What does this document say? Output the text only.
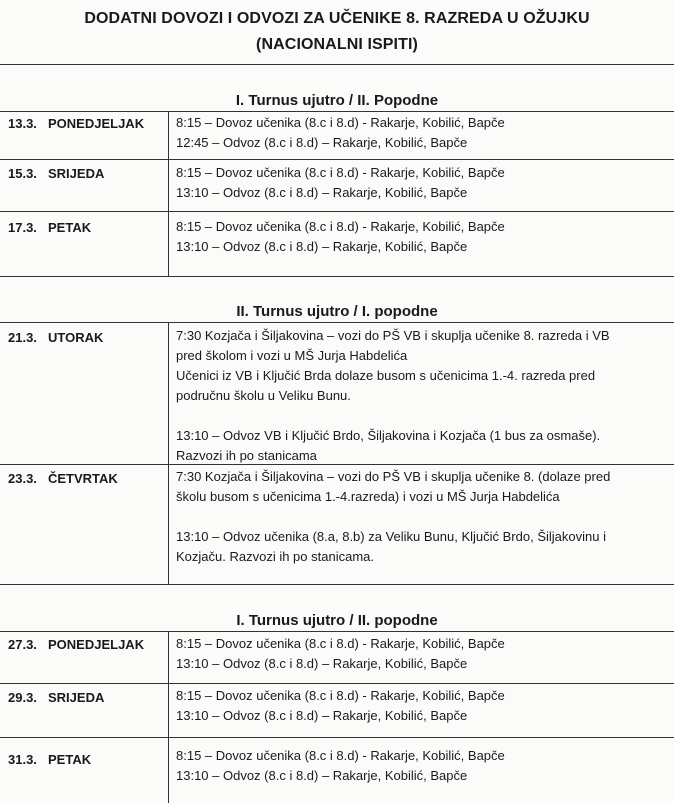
DODATNI DOVOZI I ODVOZI ZA UČENIKE 8. RAZREDA U OŽUJKU
(NACIONALNI ISPITI)
I. Turnus ujutro / II. Popodne
13.3. PONEDJELJAK 8:15 – Dovoz učenika (8.c i 8.d) - Rakarje, Kobilić, Bapče
12:45 – Odvoz (8.c i 8.d) – Rakarje, Kobilić, Bapče
15.3. SRIJEDA	8:15 – Dovoz učenika (8.c i 8.d) - Rakarje, Kobilić, Bapče
13:10 – Odvoz (8.c i 8.d) – Rakarje, Kobilić, Bapče
17.3. PETAK	8:15 – Dovoz učenika (8.c i 8.d) - Rakarje, Kobilić, Bapče
13:10 – Odvoz (8.c i 8.d) – Rakarje, Kobilić, Bapče
II. Turnus ujutro / I. popodne
21.3. UTORAK	7:30 Kozjača i Šiljakovina – vozi do PŠ VB i skuplja učenike 8. razreda i VB
pred školom i vozi u MŠ Jurja Habdelića
Učenici iz VB i Ključić Brda dolaze busom s učenicima 1.-4. razreda pred
područnu školu u Veliku Bunu.
13:10 – Odvoz VB i Ključić Brdo, Šiljakovina i Kozjača (1 bus za osmaše).
Razvozi ih po stanicama
23.3. ČETVRTAK	7:30 Kozjača i Šiljakovina – vozi do PŠ VB i skuplja učenike 8. (dolaze pred
školu busom s učenicima 1.-4.razreda) i vozi u MŠ Jurja Habdelića
13:10 – Odvoz učenika (8.a, 8.b) za Veliku Bunu, Ključić Brdo, Šiljakovinu i
Kozjaču. Razvozi ih po stanicama.
I. Turnus ujutro / II. popodne
27.3. PONEDJELJAK 8:15 – Dovoz učenika (8.c i 8.d) - Rakarje, Kobilić, Bapče
13:10 – Odvoz (8.c i 8.d) – Rakarje, Kobilić, Bapče
29.3. SRIJEDA	8:15 – Dovoz učenika (8.c i 8.d) - Rakarje, Kobilić, Bapče
13:10 – Odvoz (8.c i 8.d) – Rakarje, Kobilić, Bapče
31.3. PETAK	8:15 – Dovoz učenika (8.c i 8.d) - Rakarje, Kobilić, Bapče
13:10 – Odvoz (8.c i 8.d) – Rakarje, Kobilić, Bapče
